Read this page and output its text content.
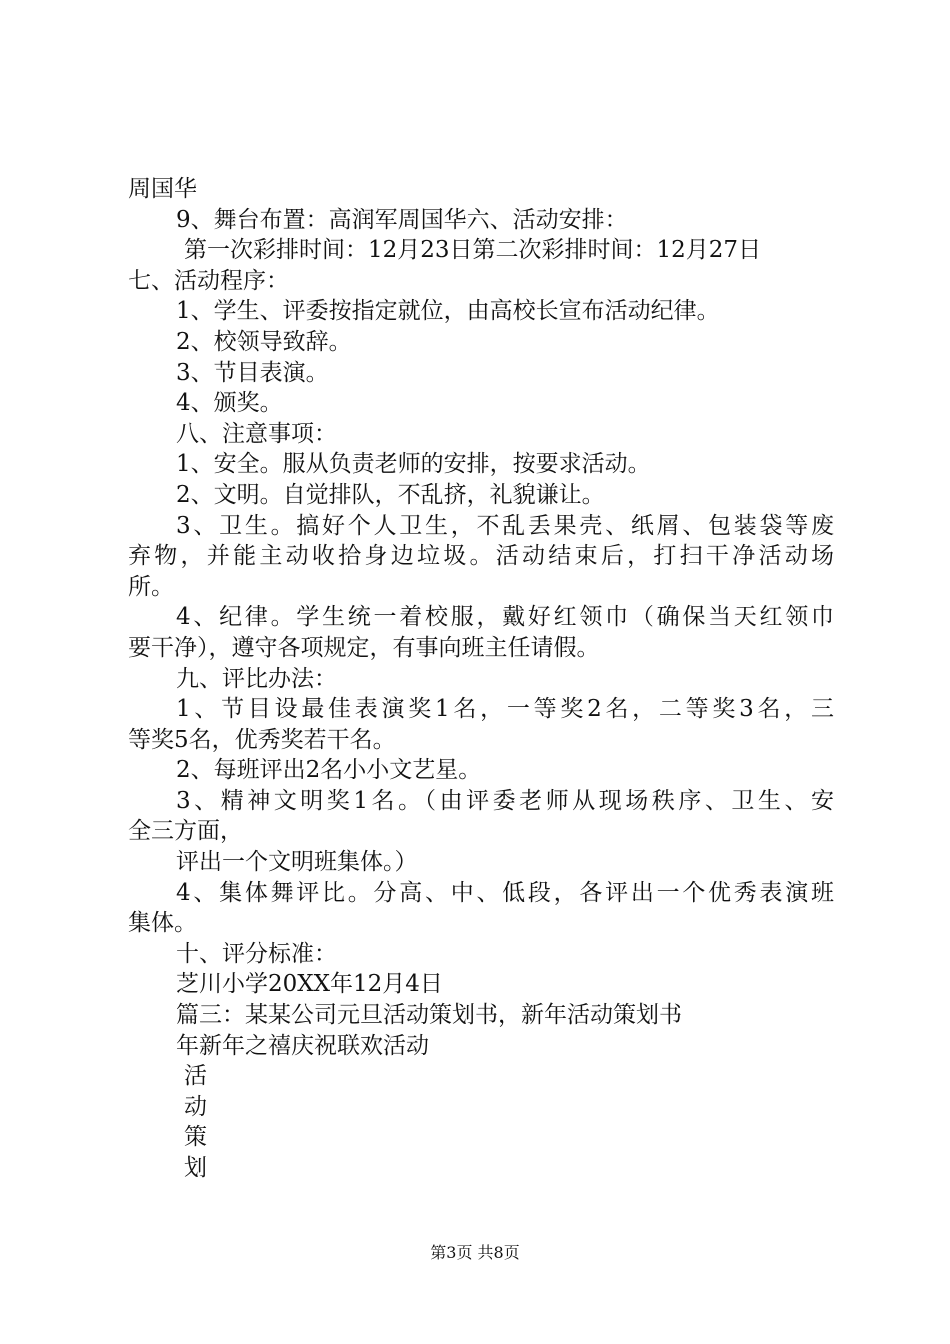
周国华
9、舞台布置：高润军周国华六、活动安排：
第一次彩排时间：12月23日第二次彩排时间：12月27日
七、活动程序：
1、学生、评委按指定就位，由高校长宣布活动纪律。
2、校领导致辞。
3、节目表演。
4、颁奖。
八、注意事项：
1、安全。服从负责老师的安排，按要求活动。
2、文明。自觉排队，不乱挤，礼貌谦让。
3、卫生。搞好个人卫生，不乱丢果壳、纸屑、包装袋等废
弃物，并能主动收拾身边垃圾。活动结束后，打扫干净活动场
所。
4、纪律。学生统一着校服，戴好红领巾（确保当天红领巾
要干净），遵守各项规定，有事向班主任请假。
九、评比办法：
1、节目设最佳表演奖1名，一等奖2名，二等奖3名，三
等奖5名，优秀奖若干名。
2、每班评出2名小小文艺星。
3、精神文明奖1名。（由评委老师从现场秩序、卫生、安
全三方面，
评出一个文明班集体。）
4、集体舞评比。分高、中、低段，各评出一个优秀表演班
集体。
十、评分标准：
芝川小学20XX年12月4日
篇三：某某公司元旦活动策划书，新年活动策划书
年新年之禧庆祝联欢活动
活
动
策
划
第3页 共8页
